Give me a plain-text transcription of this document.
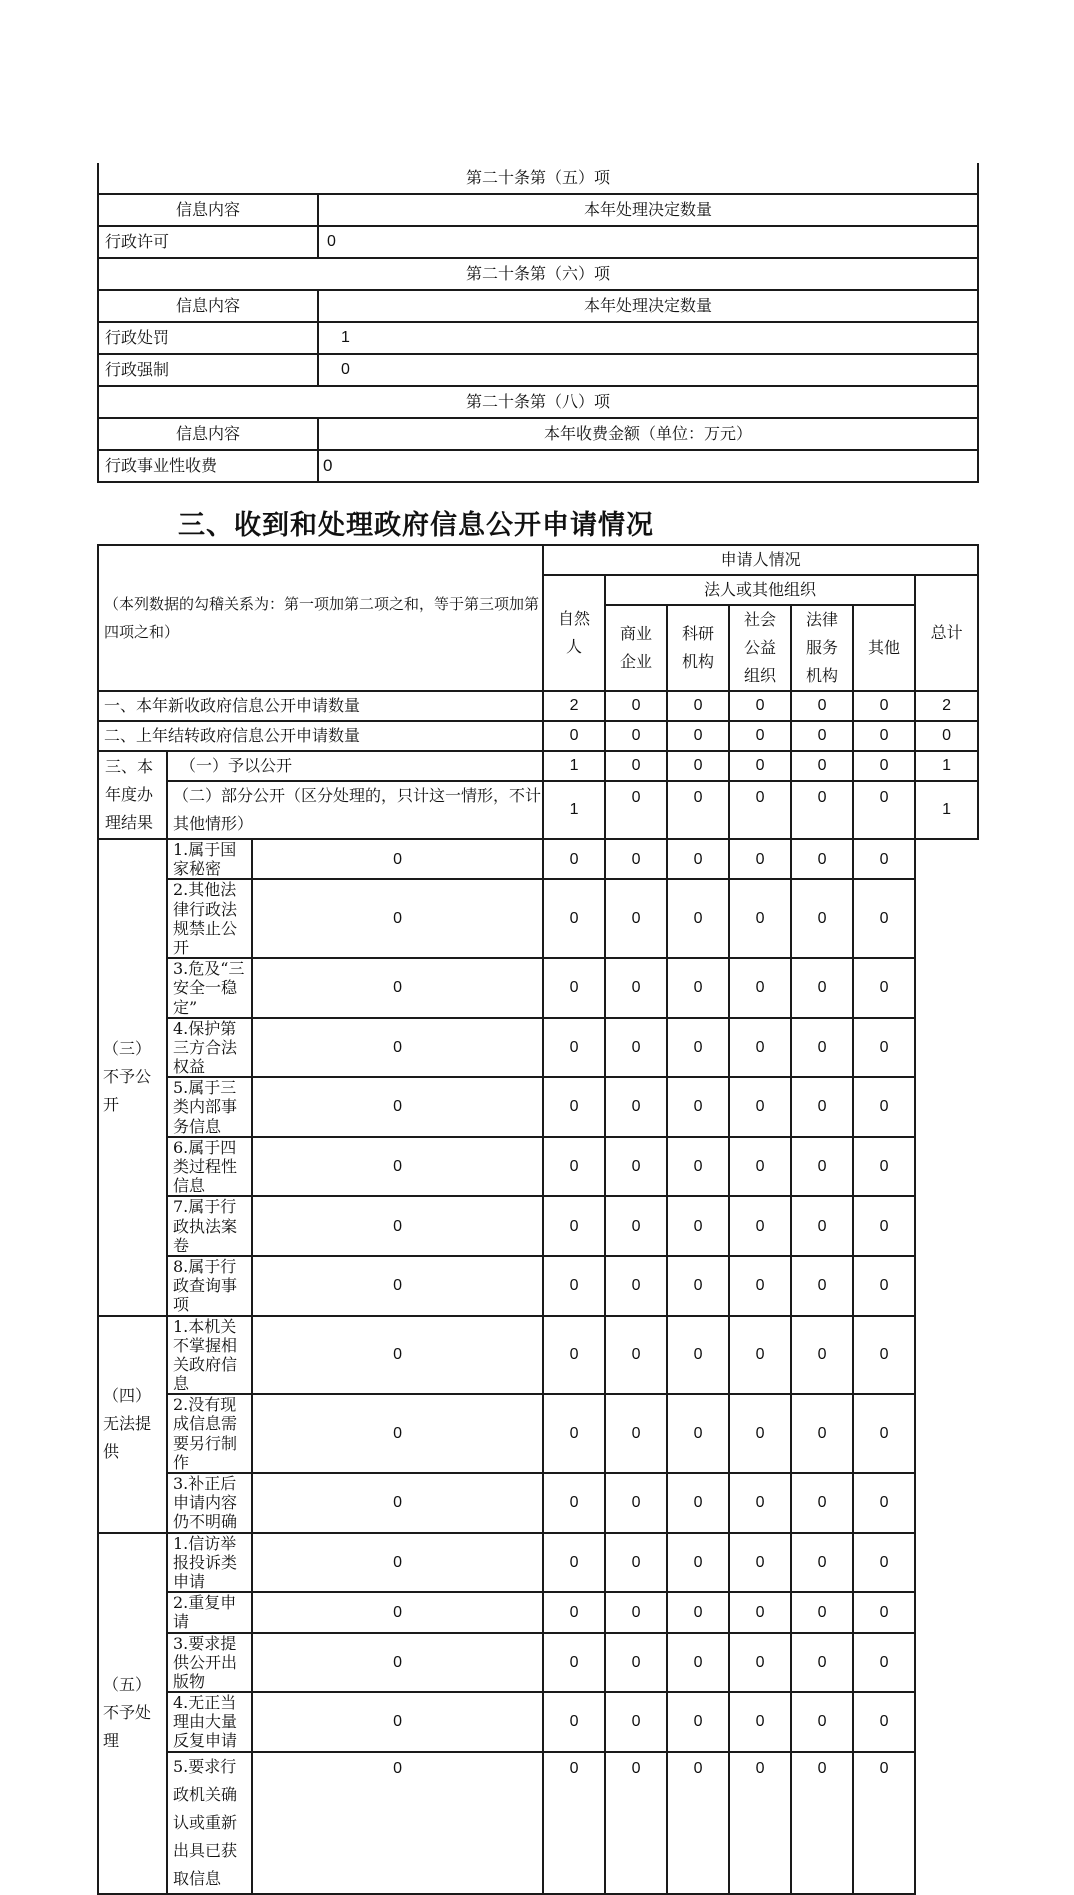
第二十条第（五）项	
信息内容	本年处理决定数量
行政许可	0
第二十条第（六）项	
信息内容	本年处理决定数量
行政处罚	1
行政强制	0
第二十条第（八）项	
信息内容	本年收费金额（单位：万元）
行政事业性收费	0
三、收到和处理政府信息公开申请情况
（本列数据的勾稽关系为：第一项加第二项之和，等于第三项加第四项之和）			申请人情况						
			自然人	法人或其他组织					总计
				商业企业	科研机构	社会公益组织	法律服务机构	其他	

一、本年新收政府信息公开申请数量			2	0	0	0	0	0	2
二、上年结转政府信息公开申请数量			0	0	0	0	0	0	0
三、本年度办理结果	（一）予以公开		1	0	0	0	0	0	1
	（二）部分公开（区分处理的，只计这一情形，不计其他情形）		1	0	0	0	0	0	1
（三）不予公开	1.属于国家秘密	0	0	0	0	0	0	0	
	2.其他法律行政法规禁止公开	0	0	0	0	0	0	0	
	3.危及“三安全一稳定”	0	0	0	0	0	0	0	
	4.保护第三方合法权益	0	0	0	0	0	0	0	
	5.属于三类内部事务信息	0	0	0	0	0	0	0	
	6.属于四类过程性信息	0	0	0	0	0	0	0	
	7.属于行政执法案卷	0	0	0	0	0	0	0	
	8.属于行政查询事项	0	0	0	0	0	0	0	
（四）无法提供	1.本机关不掌握相关政府信息	0	0	0	0	0	0	0	
	2.没有现成信息需要另行制作	0	0	0	0	0	0	0	
	3.补正后申请内容仍不明确	0	0	0	0	0	0	0	
（五）不予处理	1.信访举报投诉类申请	0	0	0	0	0	0	0	
	2.重复申请	0	0	0	0	0	0	0	
	3.要求提供公开出版物	0	0	0	0	0	0	0	
	4.无正当理由大量反复申请	0	0	0	0	0	0	0	
	5.要求行政机关确认或重新出具已获取信息	0	0	0	0	0	0	0	
